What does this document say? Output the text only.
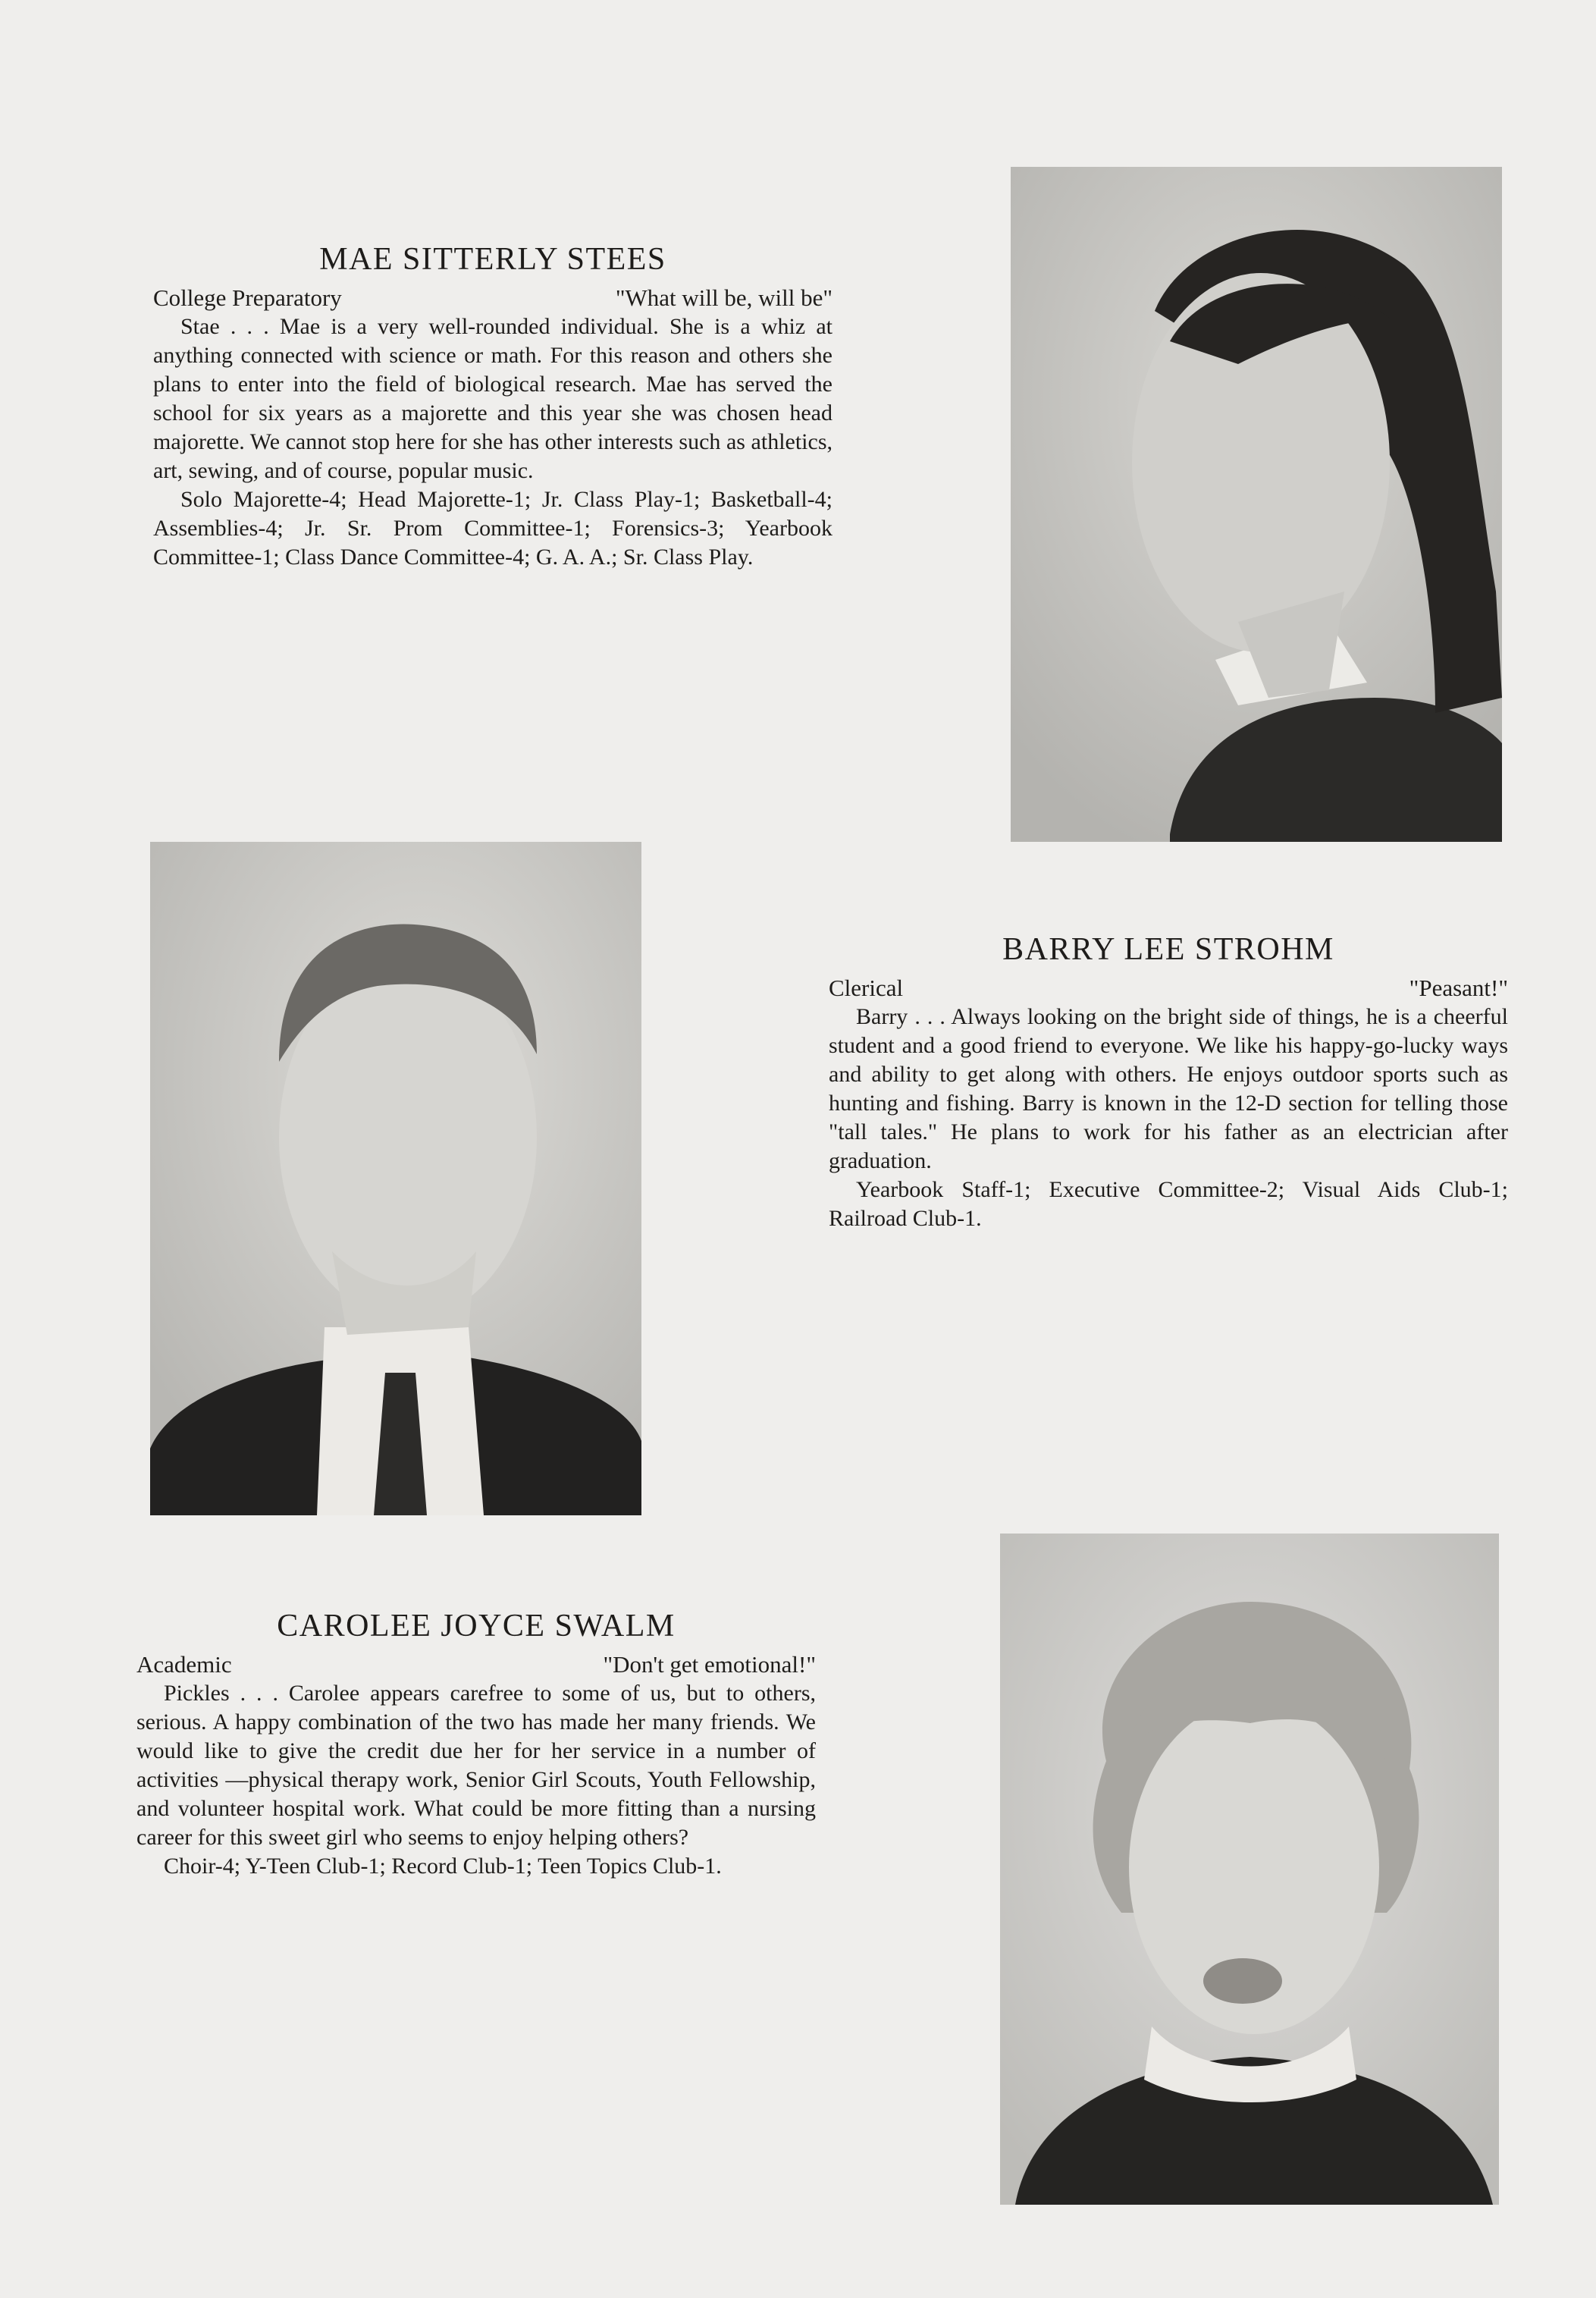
MAE SITTERLY STEES
College Preparatory	"What will be, will be"

Stae . . . Mae is a very well-rounded individual. She is a whiz at anything connected with science or math. For this reason and others she plans to enter into the field of biological research. Mae has served the school for six years as a majorette and this year she was chosen head majorette. We cannot stop here for she has other interests such as athletics, art, sewing, and of course, popular music.

Solo Majorette-4; Head Majorette-1; Jr. Class Play-1; Basketball-4; Assemblies-4; Jr. Sr. Prom Committee-1; Forensics-3; Yearbook Committee-1; Class Dance Committee-4; G. A. A.; Sr. Class Play.

BARRY LEE STROHM
Clerical	"Peasant!"

Barry . . . Always looking on the bright side of things, he is a cheerful student and a good friend to everyone. We like his happy-go-lucky ways and ability to get along with others. He enjoys outdoor sports such as hunting and fishing. Barry is known in the 12-D section for telling those "tall tales." He plans to work for his father as an electrician after graduation.

Yearbook Staff-1; Executive Committee-2; Visual Aids Club-1; Railroad Club-1.

CAROLEE JOYCE SWALM
Academic	"Don't get emotional!"

Pickles . . . Carolee appears carefree to some of us, but to others, serious. A happy combination of the two has made her many friends. We would like to give the credit due her for her service in a number of activities —physical therapy work, Senior Girl Scouts, Youth Fellowship, and volunteer hospital work. What could be more fitting than a nursing career for this sweet girl who seems to enjoy helping others?

Choir-4; Y-Teen Club-1; Record Club-1; Teen Topics Club-1.
